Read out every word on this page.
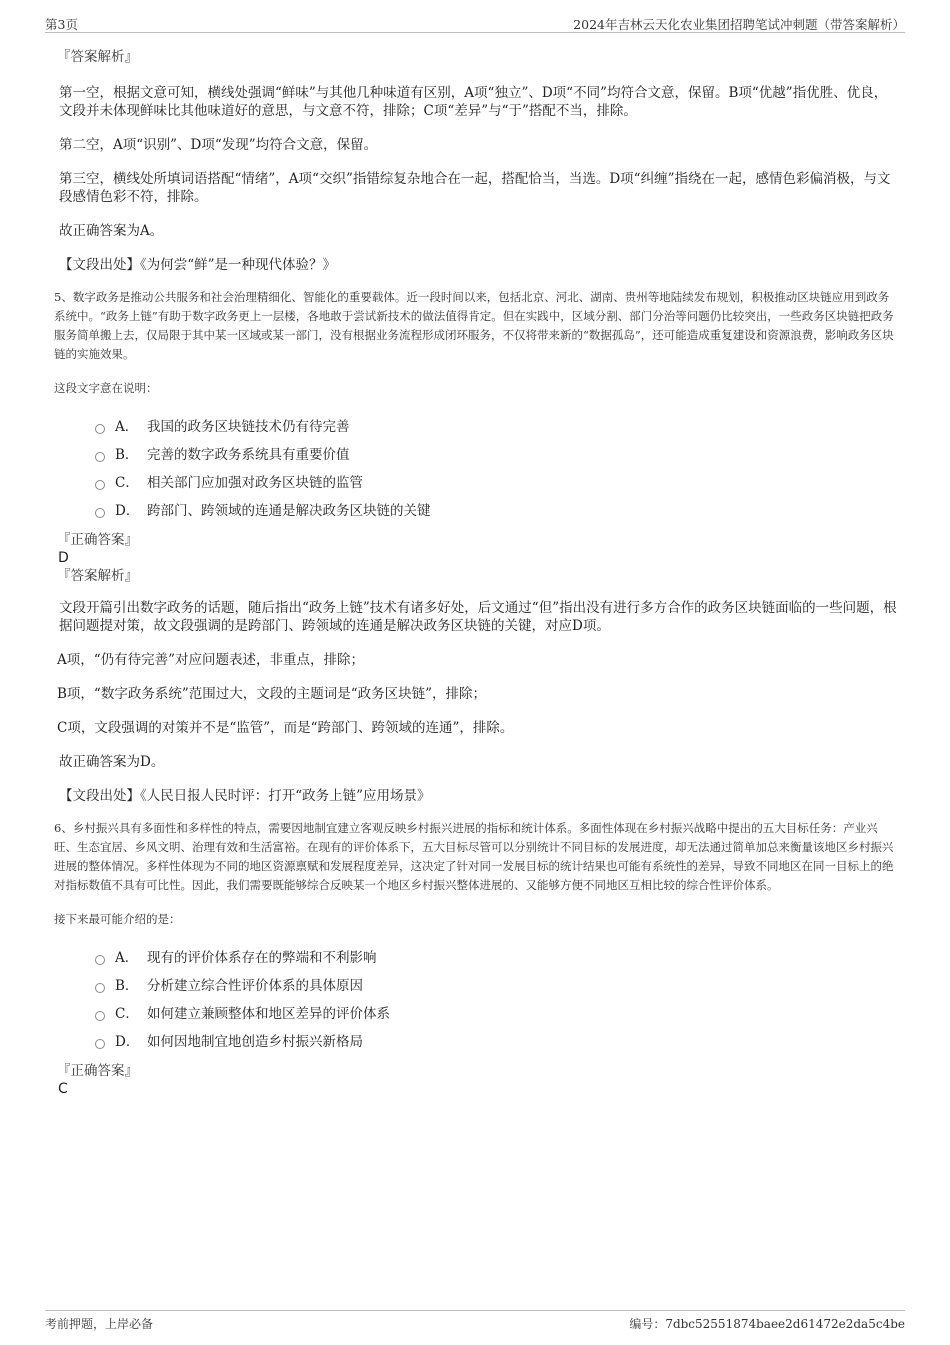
第3页	2024年吉林云天化农业集团招聘笔试冲刺题（带答案解析）
『答案解析』

第一空，根据文意可知，横线处强调“鲜味”与其他几种味道有区别，A项“独立”、D项“不同”均符合文意，保留。B项“优越”指优胜、优良，文段并未体现鲜味比其他味道好的意思，与文意不符，排除；C项“差异”与“于”搭配不当，排除。

第二空，A项“识别”、D项“发现”均符合文意，保留。

第三空，横线处所填词语搭配“情绪”，A项“交织”指错综复杂地合在一起，搭配恰当，当选。D项“纠缠”指绕在一起，感情色彩偏消极，与文段感情色彩不符，排除。

故正确答案为A。

【文段出处】《为何尝“鲜”是一种现代体验？》

5、数字政务是推动公共服务和社会治理精细化、智能化的重要载体。近一段时间以来，包括北京、河北、湖南、贵州等地陆续发布规划，积极推动区块链应用到政务系统中。“政务上链”有助于数字政务更上一层楼，各地敢于尝试新技术的做法值得肯定。但在实践中，区域分割、部门分治等问题仍比较突出，一些政务区块链把政务服务简单搬上去，仅局限于其中某一区域或某一部门，没有根据业务流程形成闭环服务，不仅将带来新的“数据孤岛”，还可能造成重复建设和资源浪费，影响政务区块链的实施效果。

这段文字意在说明：

A． 我国的政务区块链技术仍有待完善
B． 完善的数字政务系统具有重要价值
C． 相关部门应加强对政务区块链的监管
D． 跨部门、跨领域的连通是解决政务区块链的关键
『正确答案』
D
『答案解析』

文段开篇引出数字政务的话题，随后指出“政务上链”技术有诸多好处，后文通过“但”指出没有进行多方合作的政务区块链面临的一些问题，根据问题提对策，故文段强调的是跨部门、跨领域的连通是解决政务区块链的关键，对应D项。

A项，“仍有待完善”对应问题表述，非重点，排除；

B项，“数字政务系统”范围过大，文段的主题词是“政务区块链”，排除；

C项，文段强调的对策并不是“监管”，而是“跨部门、跨领域的连通”，排除。

故正确答案为D。

【文段出处】《人民日报人民时评：打开“政务上链”应用场景》

6、乡村振兴具有多面性和多样性的特点，需要因地制宜建立客观反映乡村振兴进展的指标和统计体系。多面性体现在乡村振兴战略中提出的五大目标任务：产业兴旺、生态宜居、乡风文明、治理有效和生活富裕。在现有的评价体系下，五大目标尽管可以分别统计不同目标的发展进度，却无法通过简单加总来衡量该地区乡村振兴进展的整体情况。多样性体现为不同的地区资源禀赋和发展程度差异，这决定了针对同一发展目标的统计结果也可能有系统性的差异，导致不同地区在同一目标上的绝对指标数值不具有可比性。因此，我们需要既能够综合反映某一个地区乡村振兴整体进展的、又能够方便不同地区互相比较的综合性评价体系。

接下来最可能介绍的是：

A． 现有的评价体系存在的弊端和不利影响
B． 分析建立综合性评价体系的具体原因
C． 如何建立兼顾整体和地区差异的评价体系
D． 如何因地制宜地创造乡村振兴新格局
『正确答案』
C
考前押题，上岸必备	编号：7dbc52551874baee2d61472e2da5c4be
